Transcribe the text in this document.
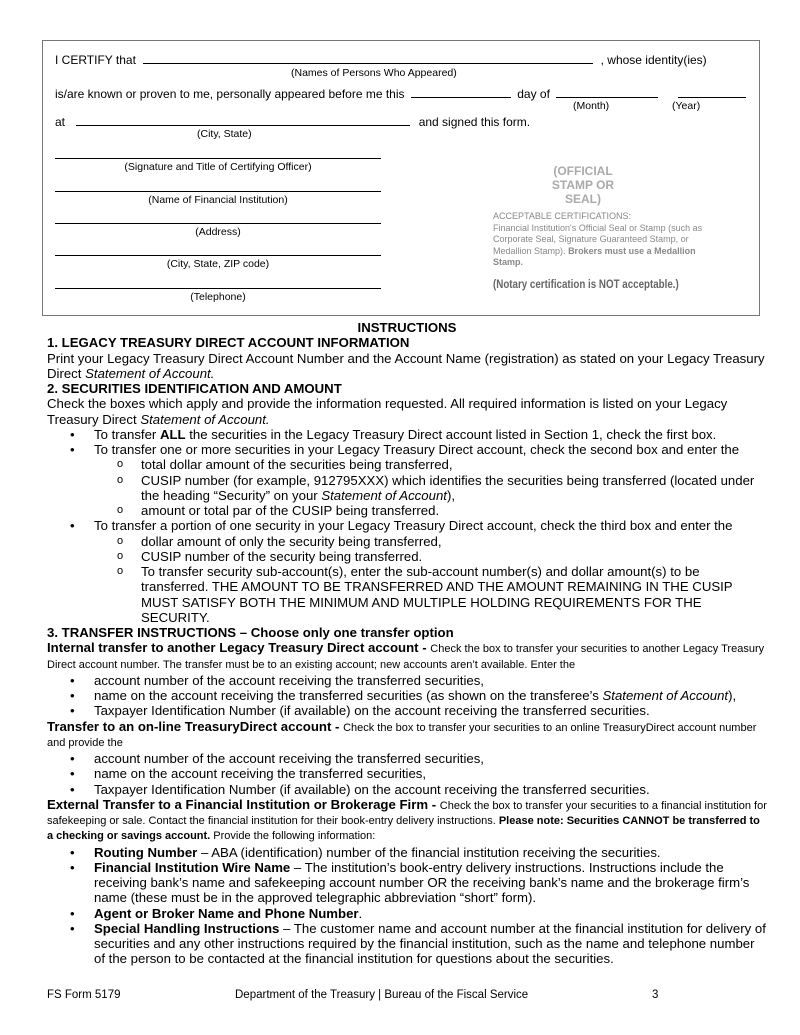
I CERTIFY that	, whose identity(ies)
(Names of Persons Who Appeared)
is/are known or proven to me, personally appeared before me this	day of
(Month)	(Year)
at	and signed this form.
(City, State)
(Signature and Title of Certifying Officer)
(Name of Financial Institution)
(Address)
(City, State, ZIP code)
(Telephone)
(OFFICIAL STAMP OR SEAL)
ACCEPTABLE CERTIFICATIONS:
Financial Institution's Official Seal or Stamp (such as Corporate Seal, Signature Guaranteed Stamp, or Medallion Stamp). Brokers must use a Medallion Stamp.
(Notary certification is NOT acceptable.)

INSTRUCTIONS

1. LEGACY TREASURY DIRECT ACCOUNT INFORMATION

Print your Legacy Treasury Direct Account Number and the Account Name (registration) as stated on your Legacy Treasury Direct Statement of Account.

2. SECURITIES IDENTIFICATION AND AMOUNT

Check the boxes which apply and provide the information requested. All required information is listed on your Legacy Treasury Direct Statement of Account.

• To transfer ALL the securities in the Legacy Treasury Direct account listed in Section 1, check the first box.
• To transfer one or more securities in your Legacy Treasury Direct account, check the second box and enter the
o total dollar amount of the securities being transferred,
o CUSIP number (for example, 912795XXX) which identifies the securities being transferred (located under the heading “Security” on your Statement of Account),
o amount or total par of the CUSIP being transferred.
• To transfer a portion of one security in your Legacy Treasury Direct account, check the third box and enter the
o dollar amount of only the security being transferred,
o CUSIP number of the security being transferred.
o To transfer security sub-account(s), enter the sub-account number(s) and dollar amount(s) to be transferred. THE AMOUNT TO BE TRANSFERRED AND THE AMOUNT REMAINING IN THE CUSIP MUST SATISFY BOTH THE MINIMUM AND MULTIPLE HOLDING REQUIREMENTS FOR THE SECURITY.

3. TRANSFER INSTRUCTIONS – Choose only one transfer option

Internal transfer to another Legacy Treasury Direct account - Check the box to transfer your securities to another Legacy Treasury Direct account number. The transfer must be to an existing account; new accounts aren’t available. Enter the

• account number of the account receiving the transferred securities,
• name on the account receiving the transferred securities (as shown on the transferee’s Statement of Account),
• Taxpayer Identification Number (if available) on the account receiving the transferred securities.

Transfer to an on-line TreasuryDirect account - Check the box to transfer your securities to an online TreasuryDirect account number and provide the

• account number of the account receiving the transferred securities,
• name on the account receiving the transferred securities,
• Taxpayer Identification Number (if available) on the account receiving the transferred securities.

External Transfer to a Financial Institution or Brokerage Firm - Check the box to transfer your securities to a financial institution for safekeeping or sale. Contact the financial institution for their book-entry delivery instructions. Please note: Securities CANNOT be transferred to a checking or savings account. Provide the following information:

• Routing Number – ABA (identification) number of the financial institution receiving the securities.
• Financial Institution Wire Name – The institution’s book-entry delivery instructions. Instructions include the receiving bank’s name and safekeeping account number OR the receiving bank’s name and the brokerage firm’s name (these must be in the approved telegraphic abbreviation “short” form).
• Agent or Broker Name and Phone Number.
• Special Handling Instructions – The customer name and account number at the financial institution for delivery of securities and any other instructions required by the financial institution, such as the name and telephone number of the person to be contacted at the financial institution for questions about the securities.
FS Form 5179	Department of the Treasury | Bureau of the Fiscal Service	3
